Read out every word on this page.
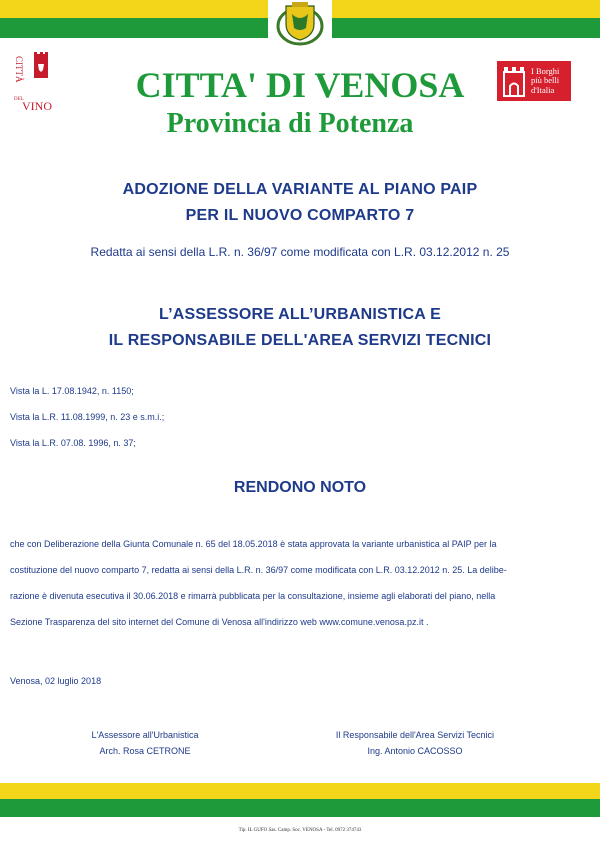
CITTÀ
DEL
VINO
I Borghi
più belli
d'Italia
CITTA' DI VENOSA
Provincia di Potenza
ADOZIONE DELLA VARIANTE AL PIANO PAIP
PER IL NUOVO COMPARTO 7
Redatta ai sensi della L.R. n. 36/97 come modificata con L.R. 03.12.2012 n. 25
L’ASSESSORE ALL’URBANISTICA E
IL RESPONSABILE DELL'AREA SERVIZI TECNICI
Vista la L. 17.08.1942, n. 1150;
Vista la L.R. 11.08.1999, n. 23 e s.m.i.;
Vista la L.R. 07.08. 1996, n. 37;
RENDONO NOTO
che con Deliberazione della Giunta Comunale n. 65 del 18.05.2018 è stata approvata la variante urbanistica al PAIP per la
costituzione del nuovo comparto 7, redatta ai sensi della L.R. n. 36/97 come modificata con L.R. 03.12.2012 n. 25. La delibe-
razione è divenuta esecutiva il 30.06.2018 e rimarrà pubblicata per la consultazione, insieme agli elaborati del piano, nella
Sezione Trasparenza del sito internet del Comune di Venosa all'indirizzo web www.comune.venosa.pz.it .
Venosa, 02 luglio 2018
L'Assessore all'Urbanistica
Arch. Rosa CETRONE
Il Responsabile dell'Area Servizi Tecnici
Ing. Antonio CACOSSO
Tip. IL GUFO Sas. Camp. Soc. VENOSA - Tel. 0972 374743
